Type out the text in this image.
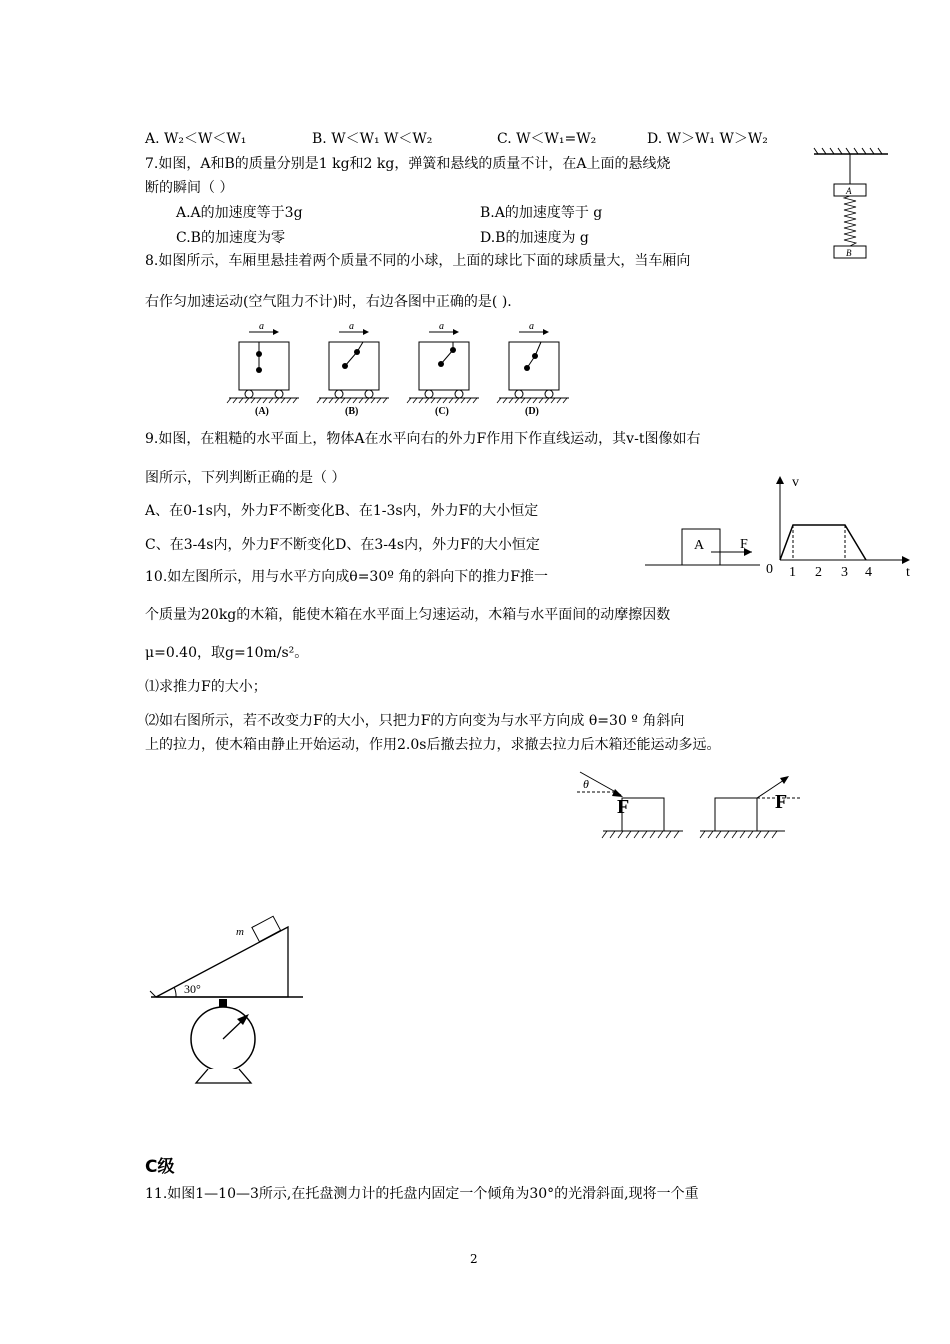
A. W₂＜W＜W₁	B. W＜W₁ W＜W₂	C. W＜W₁=W₂	D. W＞W₁ W＞W₂
7.如图，A和B的质量分别是1 kg和2 kg，弹簧和悬线的质量不计，在A上面的悬线烧
断的瞬间（ ）
A.A的加速度等于3g	B.A的加速度等于 g
C.B的加速度为零	D.B的加速度为 g
A
B
8.如图所示，车厢里悬挂着两个质量不同的小球，上面的球比下面的球质量大，当车厢向
右作匀加速运动(空气阻力不计)时，右边各图中正确的是( ).
a
(A)
a
(B)
a
(C)
a
(D)
9.如图，在粗糙的水平面上，物体A在水平向右的外力F作用下作直线运动，其v-t图像如右
图所示，下列判断正确的是（ ）
A、在0-1s内，外力F不断变化B、在1-3s内，外力F的大小恒定
C、在3-4s内，外力F不断变化D、在3-4s内，外力F的大小恒定	A	F
v
t
0 1 2 3 4
10.如左图所示，用与水平方向成θ=30º 角的斜向下的推力F推一
个质量为20kg的木箱，能使木箱在水平面上匀速运动，木箱与水平面间的动摩擦因数
μ=0.40，取g=10m/s²。
⑴求推力F的大小；
⑵如右图所示，若不改变力F的大小，只把力F的方向变为与水平方向成 θ=30 º 角斜向
上的拉力，使木箱由静止开始运动，作用2.0s后撤去拉力，求撤去拉力后木箱还能运动多远。
θ
F	F
m
30°
C级
11.如图1—10—3所示,在托盘测力计的托盘内固定一个倾角为30°的光滑斜面,现将一个重
2
